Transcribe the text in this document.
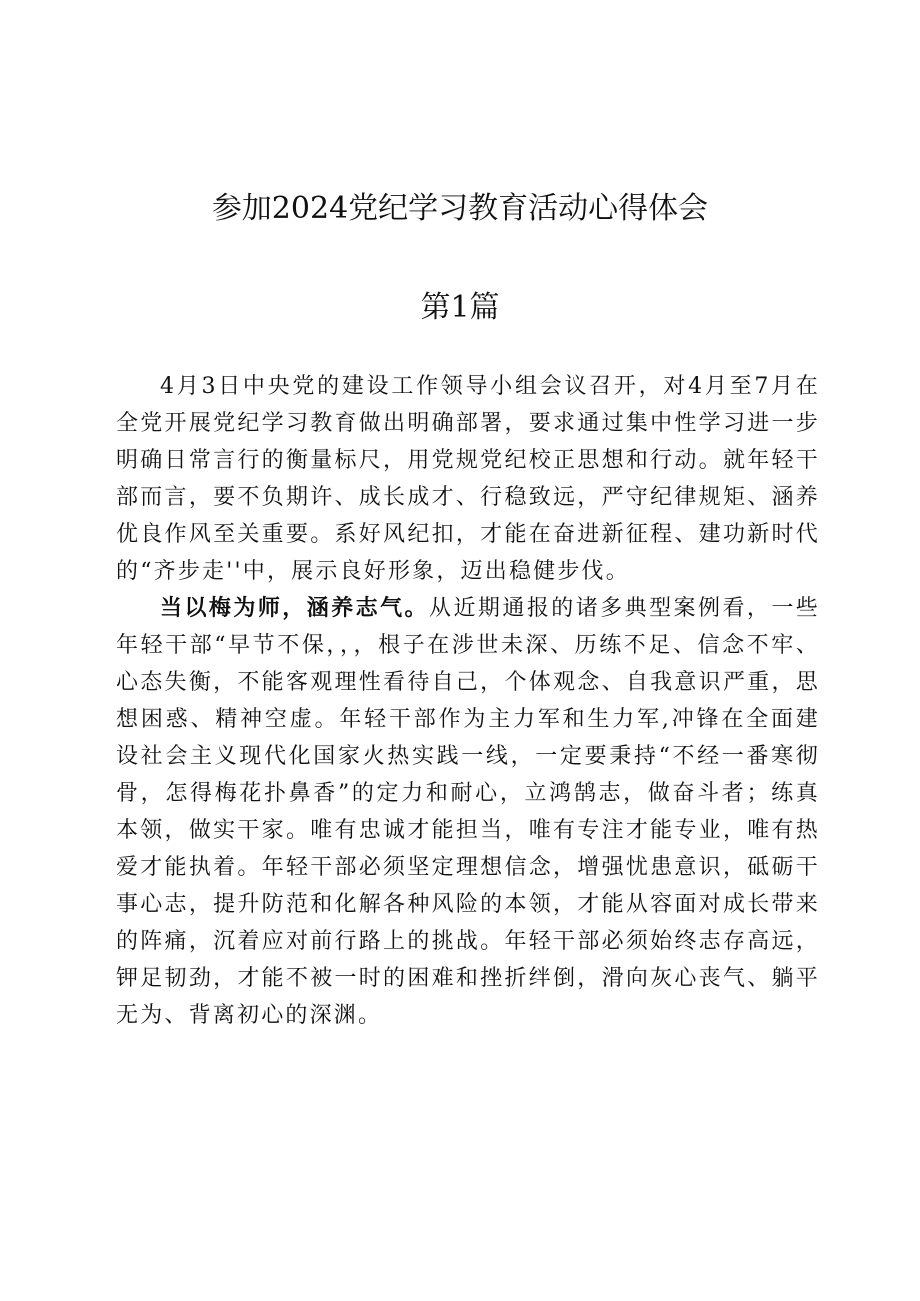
参加2024党纪学习教育活动心得体会
第1篇

4月3日中央党的建设工作领导小组会议召开，对4月至7月在全党开展党纪学习教育做出明确部署，要求通过集中性学习进一步明确日常言行的衡量标尺，用党规党纪校正思想和行动。就年轻干部而言，要不负期许、成长成才、行稳致远，严守纪律规矩、涵养优良作风至关重要。系好风纪扣，才能在奋进新征程、建功新时代的“齐步走''中，展示良好形象，迈出稳健步伐。

当以梅为师，涵养志气。从近期通报的诸多典型案例看，一些年轻干部“早节不保，，，根子在涉世未深、历练不足、信念不牢、心态失衡，不能客观理性看待自己，个体观念、自我意识严重，思想困惑、精神空虚。年轻干部作为主力军和生力军,冲锋在全面建设社会主义现代化国家火热实践一线，一定要秉持“不经一番寒彻骨，怎得梅花扑鼻香”的定力和耐心，立鸿鹄志，做奋斗者；练真本领，做实干家。唯有忠诚才能担当，唯有专注才能专业，唯有热爱才能执着。年轻干部必须坚定理想信念，增强忧患意识，砥砺干事心志，提升防范和化解各种风险的本领，才能从容面对成长带来的阵痛，沉着应对前行路上的挑战。年轻干部必须始终志存高远，钾足韧劲，才能不被一时的困难和挫折绊倒，滑向灰心丧气、躺平无为、背离初心的深渊。
